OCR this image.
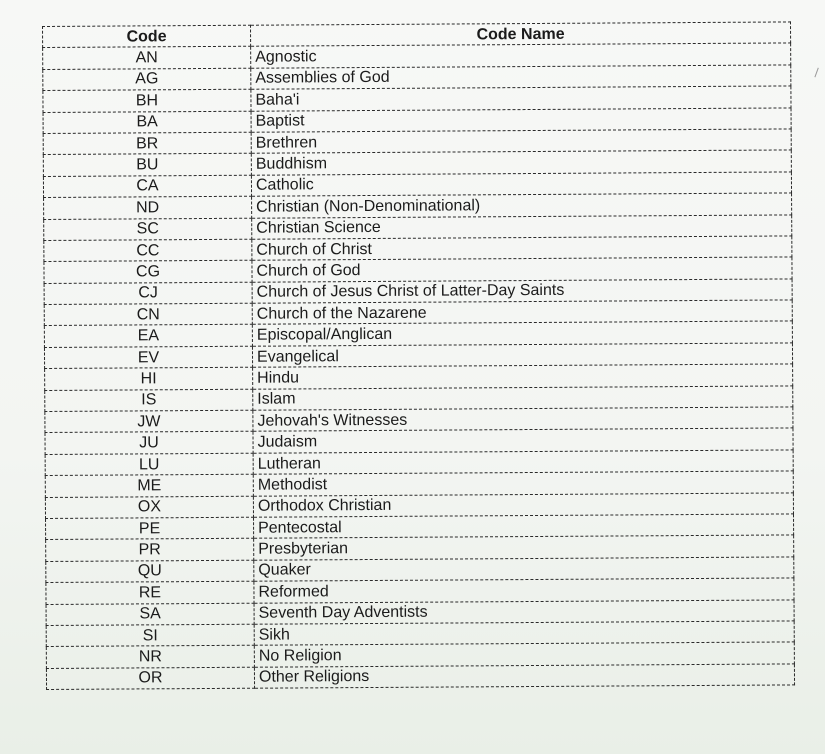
Code	Code Name
AN	Agnostic
AG	Assemblies of God
BH	Baha'i
BA	Baptist
BR	Brethren
BU	Buddhism
CA	Catholic
ND	Christian (Non-Denominational)
SC	Christian Science
CC	Church of Christ
CG	Church of God
CJ	Church of Jesus Christ of Latter-Day Saints
CN	Church of the Nazarene
EA	Episcopal/Anglican
EV	Evangelical
HI	Hindu
IS	Islam
JW	Jehovah's Witnesses
JU	Judaism
LU	Lutheran
ME	Methodist
OX	Orthodox Christian
PE	Pentecostal
PR	Presbyterian
QU	Quaker
RE	Reformed
SA	Seventh Day Adventists
SI	Sikh
NR	No Religion
OR	Other Religions
